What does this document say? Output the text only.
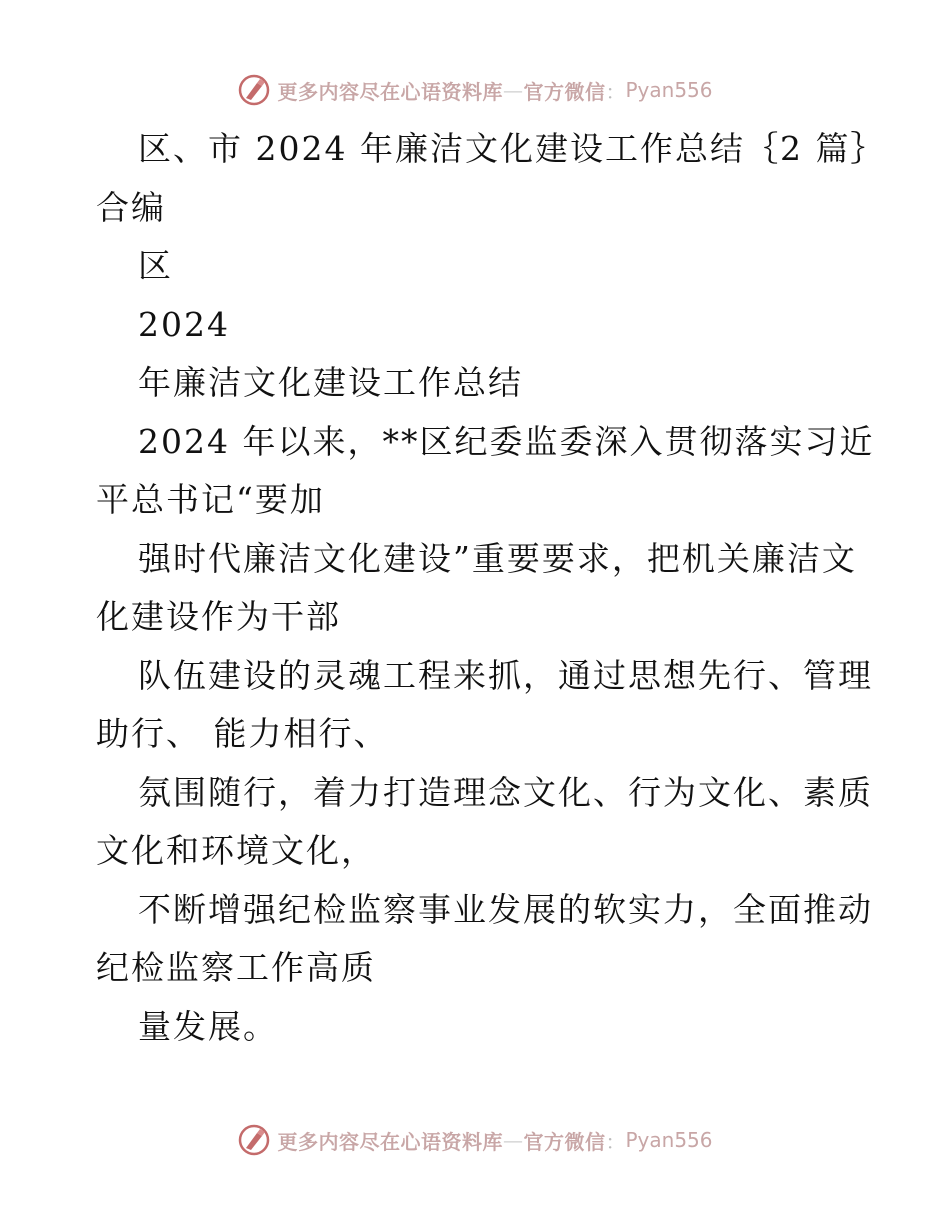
更多内容尽在心语资料库 — 官方微信 ： Pyan556
区、市 2024 年廉洁文化建设工作总结｛2 篇｝
合编
区
2024
年廉洁文化建设工作总结
2024 年以来，**区纪委监委深入贯彻落实习近
平总书记“要加
强时代廉洁文化建设”重要要求，把机关廉洁文
化建设作为干部
队伍建设的灵魂工程来抓，通过思想先行、管理
助行、 能力相行、
氛围随行，着力打造理念文化、行为文化、素质
文化和环境文化，
不断增强纪检监察事业发展的软实力，全面推动
纪检监察工作高质
量发展。
更多内容尽在心语资料库 — 官方微信 ： Pyan556
